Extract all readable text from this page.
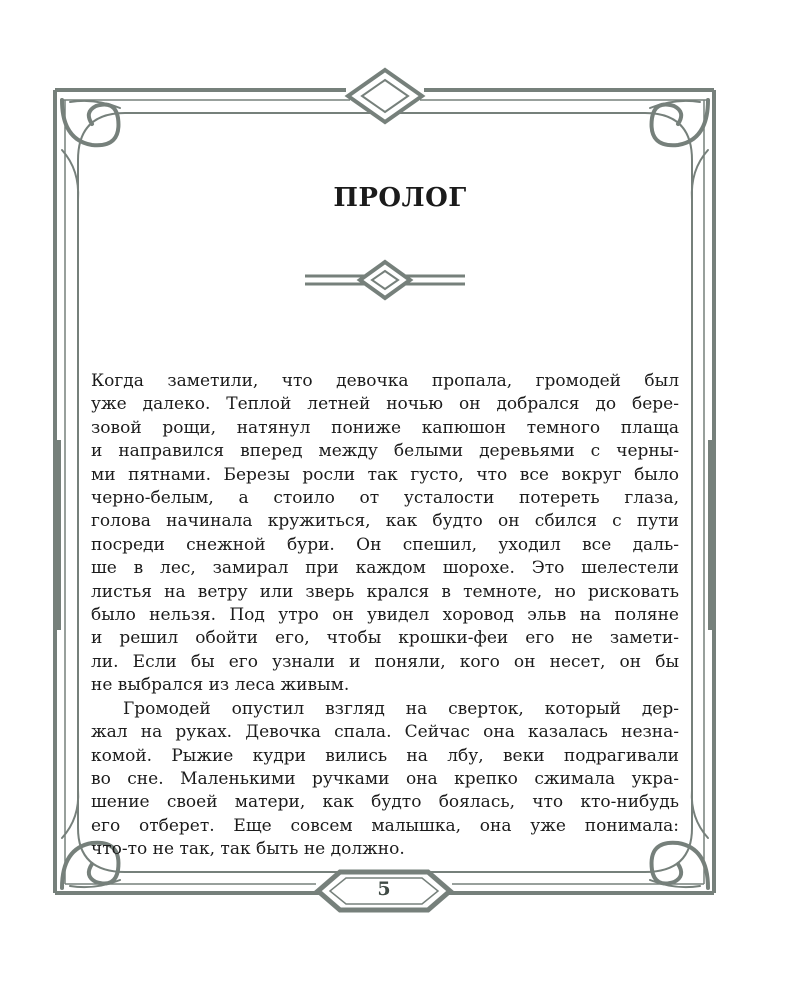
ПРОЛОГ

Когда заметили, что девочка пропала, громодей был

уже далеко. Теплой летней ночью он добрался до бере-

зовой рощи, натянул пониже капюшон темного плаща

и направился вперед между белыми деревьями с черны-

ми пятнами. Березы росли так густо, что все вокруг было

черно-белым, а стоило от усталости потереть глаза,

голова начинала кружиться, как будто он сбился с пути

посреди снежной бури. Он спешил, уходил все даль-

ше в лес, замирал при каждом шорохе. Это шелестели

листья на ветру или зверь крался в темноте, но рисковать

было нельзя. Под утро он увидел хоровод эльв на поляне

и решил обойти его, чтобы крошки-феи его не замети-

ли. Если бы его узнали и поняли, кого он несет, он бы

не выбрался из леса живым.

Громодей опустил взгляд на сверток, который дер-

жал на руках. Девочка спала. Сейчас она казалась незна-

комой. Рыжие кудри вились на лбу, веки подрагивали

во сне. Маленькими ручками она крепко сжимала укра-

шение своей матери, как будто боялась, что кто-нибудь

его отберет. Еще совсем малышка, она уже понимала:

что-то не так, так быть не должно.

5
